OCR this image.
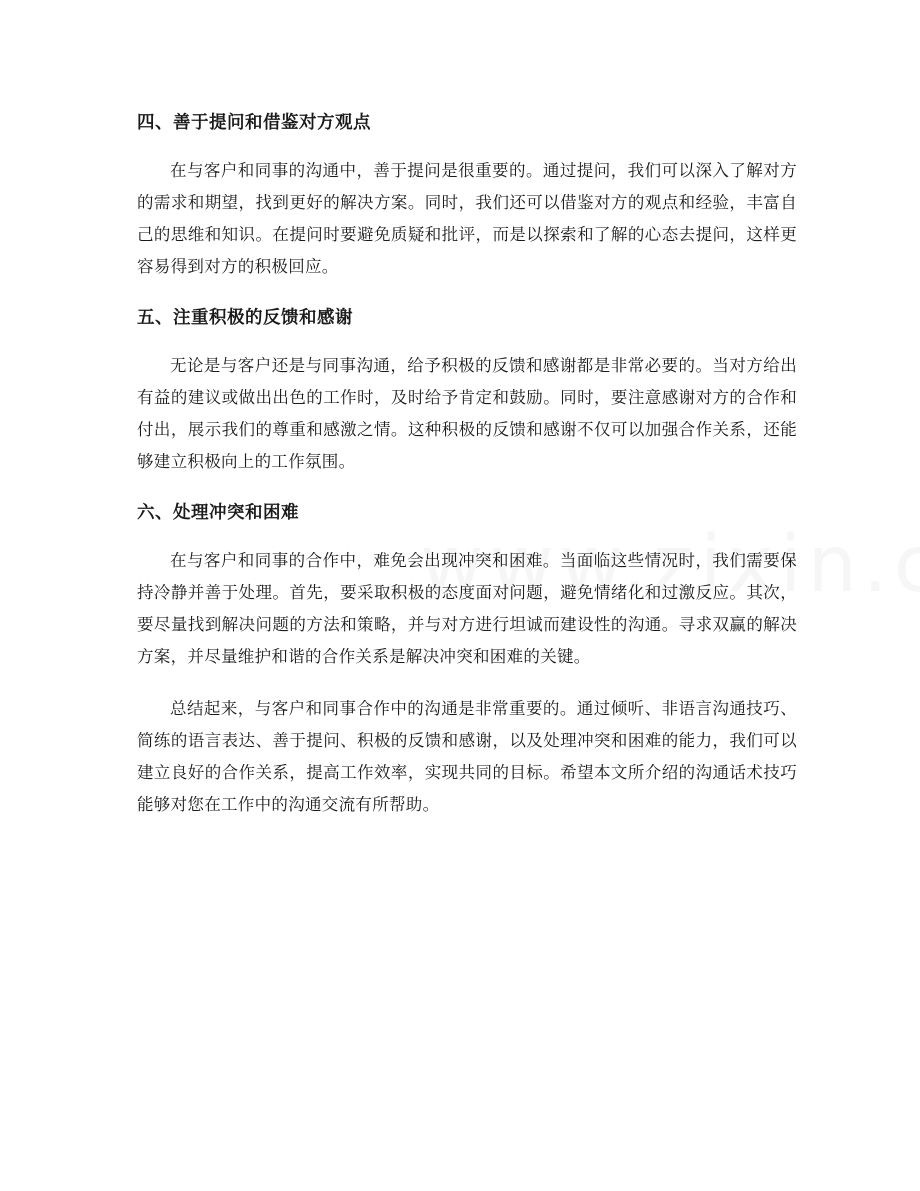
四、善于提问和借鉴对方观点

在与客户和同事的沟通中，善于提问是很重要的。通过提问，我们可以深入了解对方的需求和期望，找到更好的解决方案。同时，我们还可以借鉴对方的观点和经验，丰富自己的思维和知识。在提问时要避免质疑和批评，而是以探索和了解的心态去提问，这样更容易得到对方的积极回应。

五、注重积极的反馈和感谢

无论是与客户还是与同事沟通，给予积极的反馈和感谢都是非常必要的。当对方给出有益的建议或做出出色的工作时，及时给予肯定和鼓励。同时，要注意感谢对方的合作和付出，展示我们的尊重和感激之情。这种积极的反馈和感谢不仅可以加强合作关系，还能够建立积极向上的工作氛围。

六、处理冲突和困难

在与客户和同事的合作中，难免会出现冲突和困难。当面临这些情况时，我们需要保持冷静并善于处理。首先，要采取积极的态度面对问题，避免情绪化和过激反应。其次，要尽量找到解决问题的方法和策略，并与对方进行坦诚而建设性的沟通。寻求双赢的解决方案，并尽量维护和谐的合作关系是解决冲突和困难的关键。

总结起来，与客户和同事合作中的沟通是非常重要的。通过倾听、非语言沟通技巧、简练的语言表达、善于提问、积极的反馈和感谢，以及处理冲突和困难的能力，我们可以建立良好的合作关系，提高工作效率，实现共同的目标。希望本文所介绍的沟通话术技巧能够对您在工作中的沟通交流有所帮助。
